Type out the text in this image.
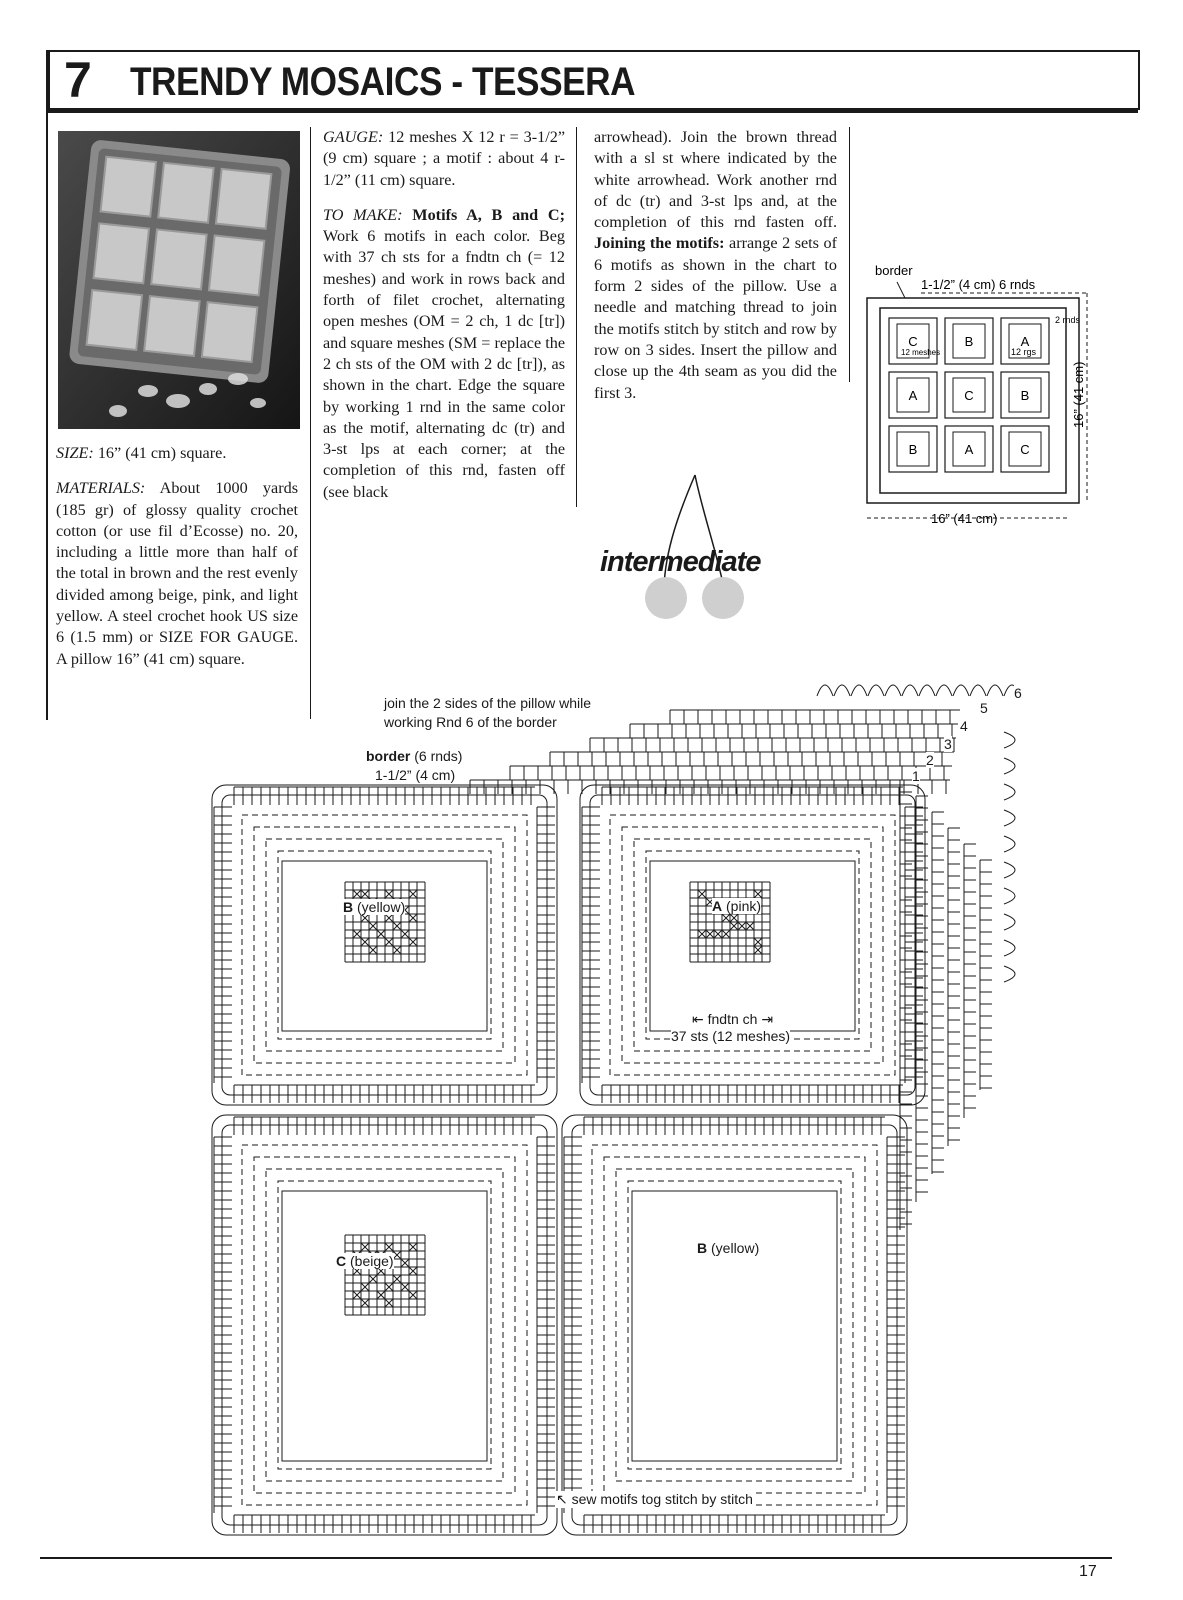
7 TRENDY MOSAICS - TESSERA

SIZE: 16” (41 cm) square.

MATERIALS: About 1000 yards (185 gr) of glossy quality crochet cotton (or use fil d’Ecosse) no. 20, including a little more than half of the total in brown and the rest evenly divided among beige, pink, and light yellow. A steel crochet hook US size 6 (1.5 mm) or SIZE FOR GAUGE. A pillow 16” (41 cm) square.

GAUGE: 12 meshes X 12 r = 3-1/2” (9 cm) square ; a motif : about 4 r-1/2” (11 cm) square.

TO MAKE: Motifs A, B and C; Work 6 motifs in each color. Beg with 37 ch sts for a fndtn ch (= 12 meshes) and work in rows back and forth of filet crochet, alternating open meshes (OM = 2 ch, 1 dc [tr]) and square meshes (SM = replace the 2 ch sts of the OM with 2 dc [tr]), as shown in the chart. Edge the square by working 1 rnd in the same color as the motif, alternating dc (tr) and 3-st lps at each corner; at the completion of this rnd, fasten off (see black

arrowhead). Join the brown thread with a sl st where indicated by the white arrowhead. Work another rnd of dc (tr) and 3-st lps and, at the completion of this rnd fasten off. Joining the motifs: arrange 2 sets of 6 motifs as shown in the chart to form 2 sides of the pillow. Use a needle and matching thread to join the motifs stitch by stitch and row by row on 3 sides. Insert the pillow and close up the 4th seam as you did the first 3.

border
1-1/2” (4 cm) 6 rnds
2 rnds
16” (41 cm)
16” (41 cm)
C	B	A
A	C	B
B	A	C
12 meshes	12 rgs
intermediate
join the 2 sides of the pillow while
working Rnd 6 of the border
border (6 rnds)
1-1/2” (4 cm)
B (yellow)	A (pink)
C (beige)
B (yellow)
⇤ fndtn ch ⇥
37 sts (12 meshes)
↖ sew motifs tog stitch by stitch
1
2
3
4
5
6
17
